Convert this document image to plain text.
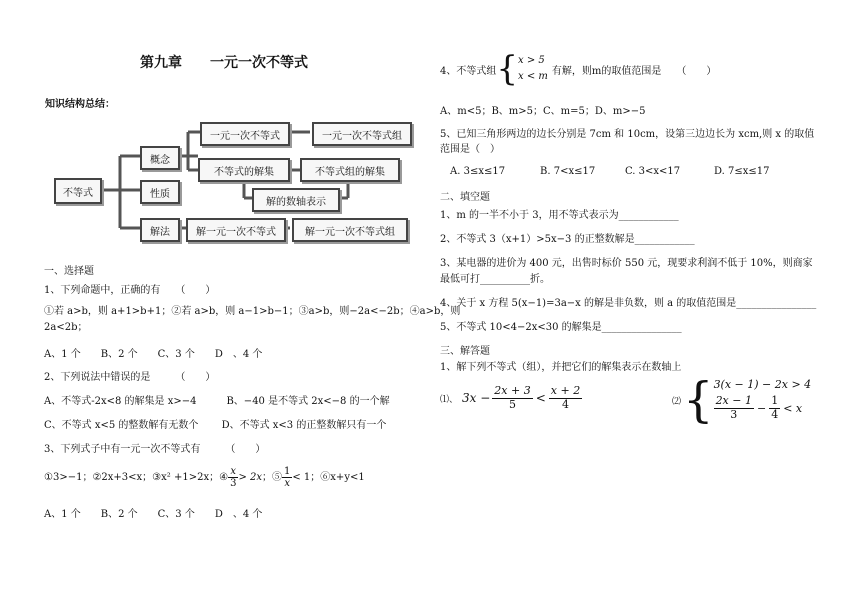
第九章　　一元一次不等式
知识结构总结：
不等式
概念
性质
解法
一元一次不等式	一元一次不等式组
不等式的解集	不等式组的解集
解的数轴表示
解一元一次不等式	解一元一次不等式组
一、选择题
1、下列命题中，正确的有　　（　　）
①若 a>b，则 a+1>b+1；②若 a>b，则 a−1>b−1；③a>b，则−2a<−2b；④a>b，则
2a<2b；
A、1 个　　B、2 个　　C、3 个　　D　、4 个
2、下列说法中错误的是　　　（　　）
A、不等式-2x<8 的解集是 x>−4　　　B、−40 是不等式 2x<−8 的一个解
C、不等式 x<5 的整数解有无数个　　 D、不等式 x<3 的正整数解只有一个
3、下列式子中有一元一次不等式有　　　（　　）
①3>−1；②2x+3<x；③x² +1>2x；④ $\frac{x}{3} > 2x$；⑤ $\frac{1}{x} < 1$；⑥x+y<1
A、1 个　　B、2 个　　C、3 个　　D　、4 个
4、不等式组 { x > 5
x < m 有解，则m的取值范围是　　（　　）
A、m<5；B、m>5；C、m=5；D、m>−5
5、已知三角形两边的边长分别是 7cm 和 10cm，设第三边边长为 xcm,则 x 的取值
范围是（　）
A. 3≤x≤17	B. 7<x≤17	C. 3<x<17	D. 7≤x≤17
二、填空题
1、m 的一半不小于 3，用不等式表示为____________
2、不等式 3（x+1）>5x−3 的正整数解是____________
3、某电器的进价为 400 元，出售时标价 550 元，现要求利润不低于 10%，则商家
最低可打__________折。
4、关于 x 方程 5(x−1)=3a−x 的解是非负数，则 a 的取值范围是________________
5、不等式 10<4−2x<30 的解集是________________
三、解答题
1、解下列不等式（组），并把它们的解集表示在数轴上
⑴、 $3x - \frac{2x + 3}{5} < \frac{x + 2}{4}$	⑵ { 3(x − 1) − 2x > 4
$\frac{2x - 1}{3} - \frac{1}{4} < x$
